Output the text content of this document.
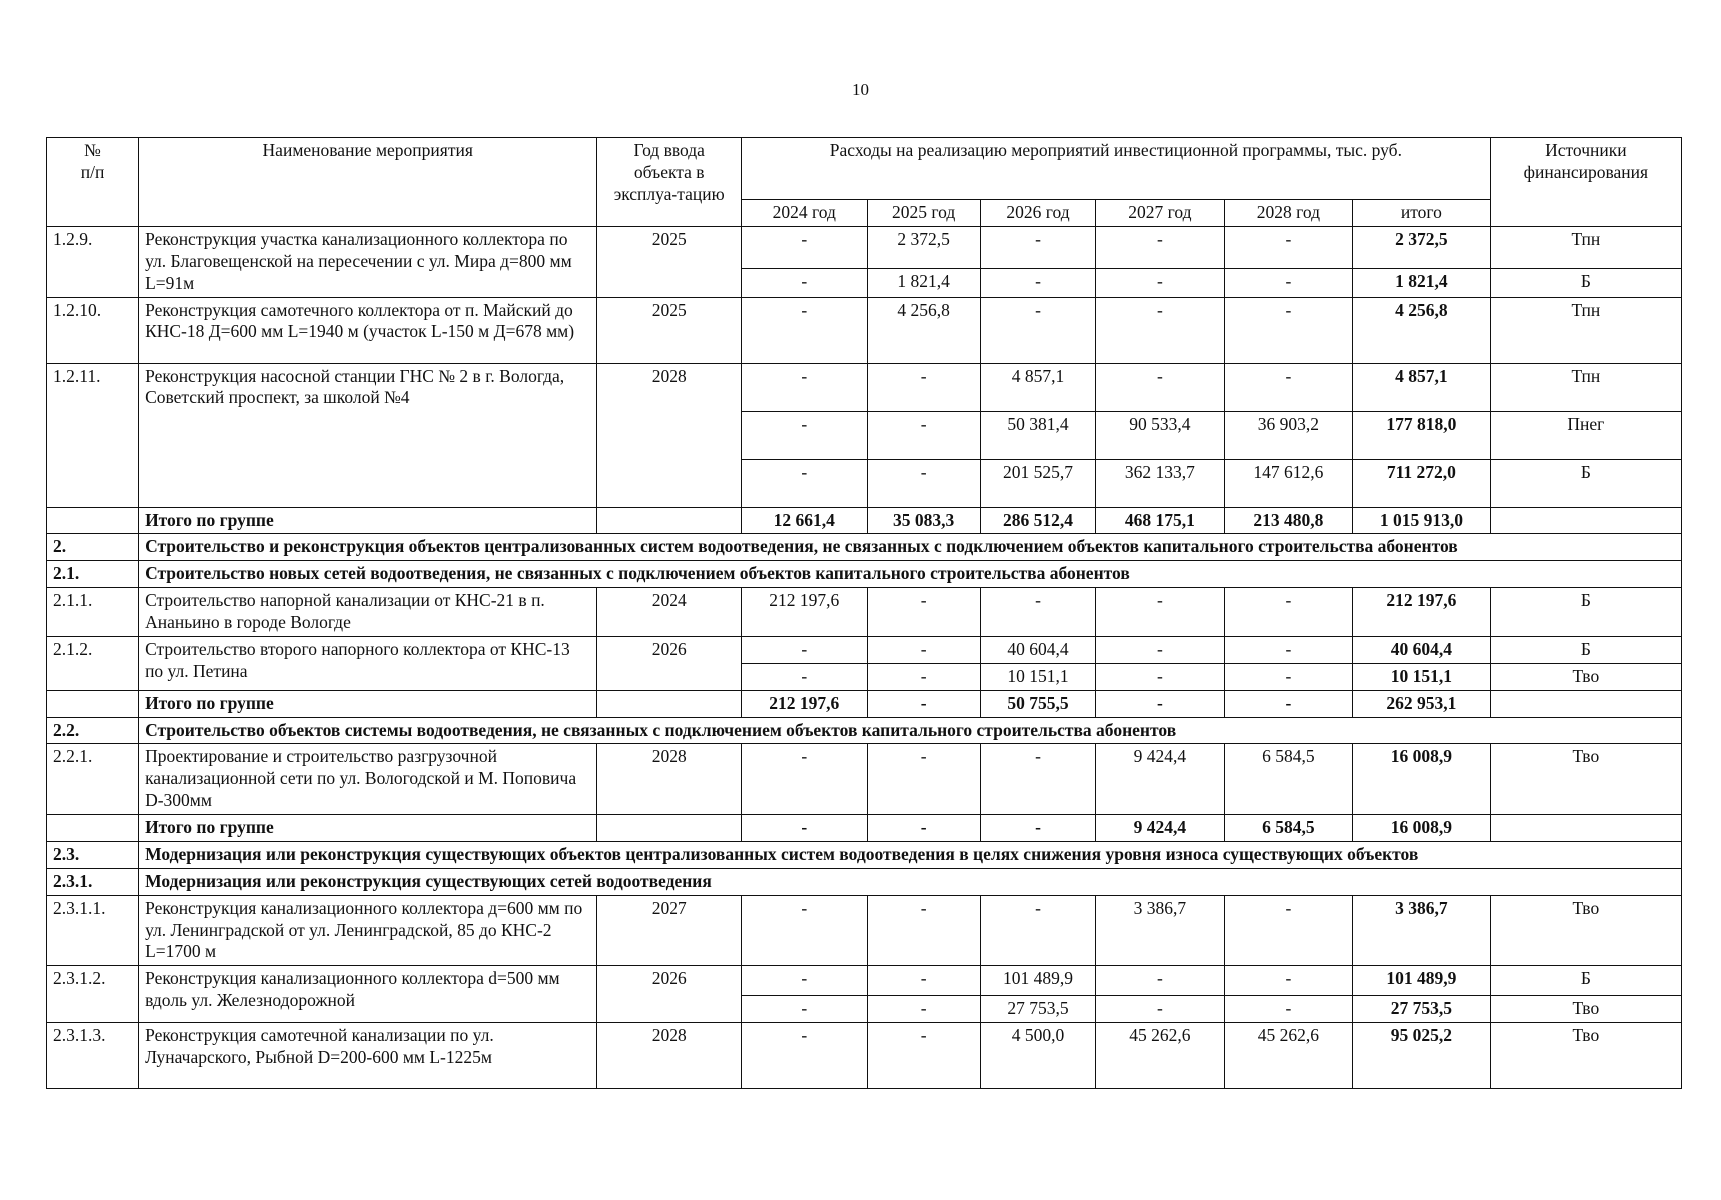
10
№
п/п	Наименование мероприятия	Год ввода объекта в эксплуа-тацию	Расходы на реализацию мероприятий инвестиционной программы, тыс. руб.						Источники финансирования
			2024 год	2025 год	2026 год	2027 год	2028 год	итого	
1.2.9.	Реконструкция участка канализационного коллектора по ул. Благовещенской на пересечении с ул. Мира д=800 мм L=91м	2025	-	2 372,5	-	-	-	2 372,5	Тпн
			-	1 821,4	-	-	-	1 821,4	Б
1.2.10.	Реконструкция самотечного коллектора от п. Майский до КНС-18 Д=600 мм L=1940 м (участок L-150 м Д=678 мм)	2025	-	4 256,8	-	-	-	4 256,8	Тпн
1.2.11.	Реконструкция насосной станции ГНС № 2 в г. Вологда, Советский проспект, за школой №4	2028	-	-	4 857,1	-	-	4 857,1	Тпн
			-	-	50 381,4	90 533,4	36 903,2	177 818,0	Пнег
			-	-	201 525,7	362 133,7	147 612,6	711 272,0	Б
	Итого по группе		12 661,4	35 083,3	286 512,4	468 175,1	213 480,8	1 015 913,0	
2.	Строительство и реконструкция объектов централизованных систем водоотведения, не связанных с подключением объектов капитального строительства абонентов								
2.1.	Строительство новых сетей водоотведения, не связанных с подключением объектов капитального строительства абонентов								
2.1.1.	Строительство напорной канализации от КНС-21 в п. Ананьино в городе Вологде	2024	212 197,6	-	-	-	-	212 197,6	Б
2.1.2.	Строительство второго напорного коллектора от КНС-13 по ул. Петина	2026	-	-	40 604,4	-	-	40 604,4	Б
			-	-	10 151,1	-	-	10 151,1	Тво
	Итого по группе		212 197,6	-	50 755,5	-	-	262 953,1	
2.2.	Строительство объектов системы водоотведения, не связанных с подключением объектов капитального строительства абонентов								
2.2.1.	Проектирование и строительство разгрузочной канализационной сети по ул. Вологодской и М. Поповича D-300мм	2028	-	-	-	9 424,4	6 584,5	16 008,9	Тво
	Итого по группе		-	-	-	9 424,4	6 584,5	16 008,9	
2.3.	Модернизация или реконструкция существующих объектов централизованных систем водоотведения в целях снижения уровня износа существующих объектов								
2.3.1.	Модернизация или реконструкция существующих сетей водоотведения								
2.3.1.1.	Реконструкция канализационного коллектора д=600 мм по ул. Ленинградской от ул. Ленинградской, 85 до КНС-2 L=1700 м	2027	-	-	-	3 386,7	-	3 386,7	Тво
2.3.1.2.	Реконструкция канализационного коллектора d=500 мм вдоль ул. Железнодорожной	2026	-	-	101 489,9	-	-	101 489,9	Б
			-	-	27 753,5	-	-	27 753,5	Тво
2.3.1.3.	Реконструкция самотечной канализации по ул. Луначарского, Рыбной D=200-600 мм L-1225м	2028	-	-	4 500,0	45 262,6	45 262,6	95 025,2	Тво
